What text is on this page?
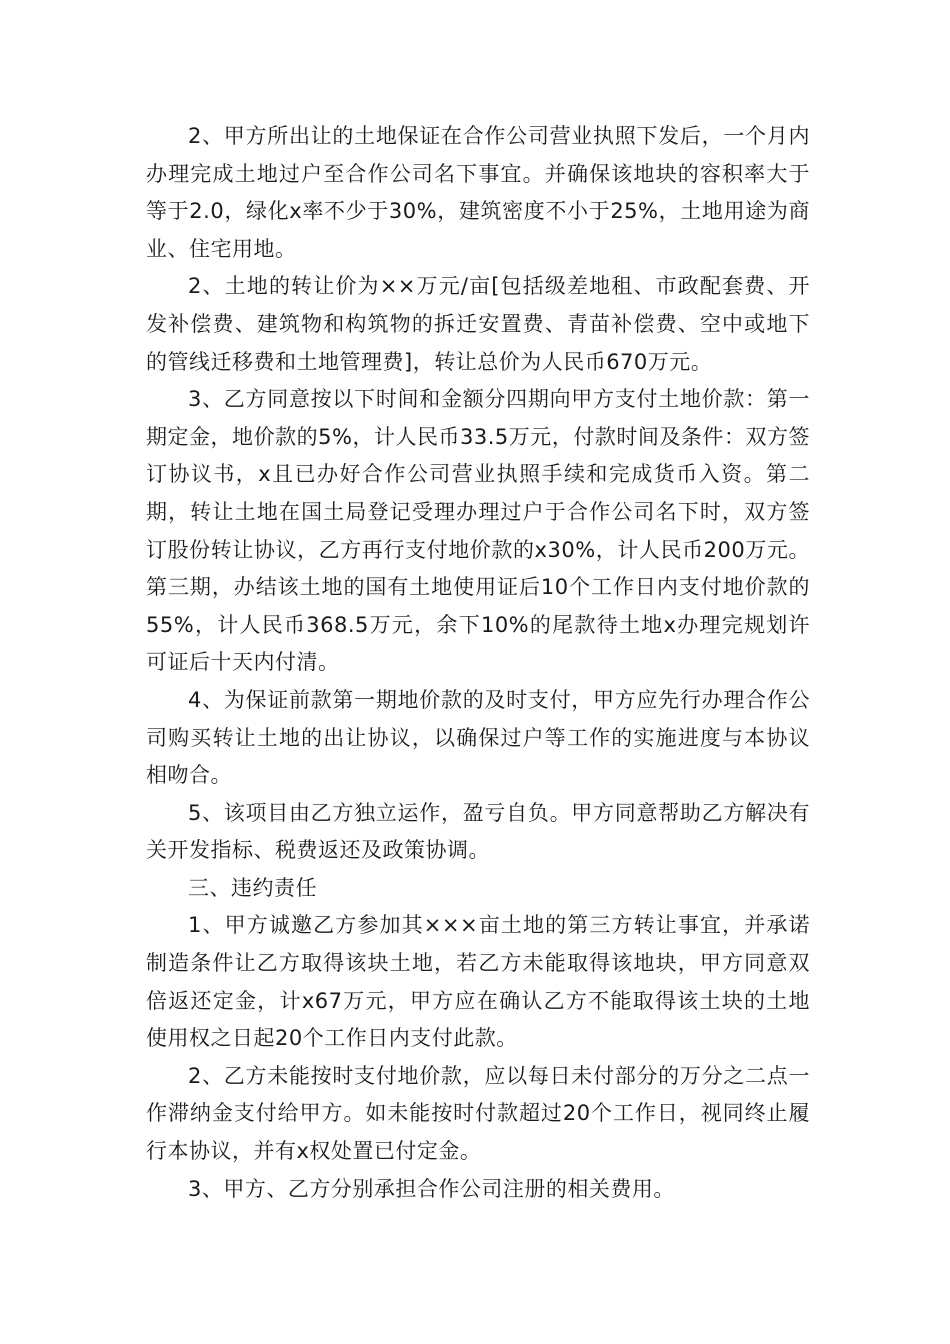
2、甲方所出让的土地保证在合作公司营业执照下发后，一个月内办理完成土地过户至合作公司名下事宜。并确保该地块的容积率大于等于2.0，绿化x率不少于30%，建筑密度不小于25%，土地用途为商业、住宅用地。

2、土地的转让价为××万元/亩[包括级差地租、市政配套费、开发补偿费、建筑物和构筑物的拆迁安置费、青苗补偿费、空中或地下的管线迁移费和土地管理费]，转让总价为人民币670万元。

3、乙方同意按以下时间和金额分四期向甲方支付土地价款：第一期定金，地价款的5%，计人民币33.5万元，付款时间及条件：双方签订协议书，x且已办好合作公司营业执照手续和完成货币入资。第二期，转让土地在国土局登记受理办理过户于合作公司名下时，双方签订股份转让协议，乙方再行支付地价款的x30%，计人民币200万元。第三期，办结该土地的国有土地使用证后10个工作日内支付地价款的55%，计人民币368.5万元，余下10%的尾款待土地x办理完规划许可证后十天内付清。

4、为保证前款第一期地价款的及时支付，甲方应先行办理合作公司购买转让土地的出让协议，以确保过户等工作的实施进度与本协议相吻合。

5、该项目由乙方独立运作，盈亏自负。甲方同意帮助乙方解决有关开发指标、税费返还及政策协调。

三、违约责任

1、甲方诚邀乙方参加其×××亩土地的第三方转让事宜，并承诺制造条件让乙方取得该块土地，若乙方未能取得该地块，甲方同意双倍返还定金，计x67万元，甲方应在确认乙方不能取得该土块的土地使用权之日起20个工作日内支付此款。

2、乙方未能按时支付地价款，应以每日未付部分的万分之二点一作滞纳金支付给甲方。如未能按时付款超过20个工作日，视同终止履行本协议，并有x权处置已付定金。

3、甲方、乙方分别承担合作公司注册的相关费用。
